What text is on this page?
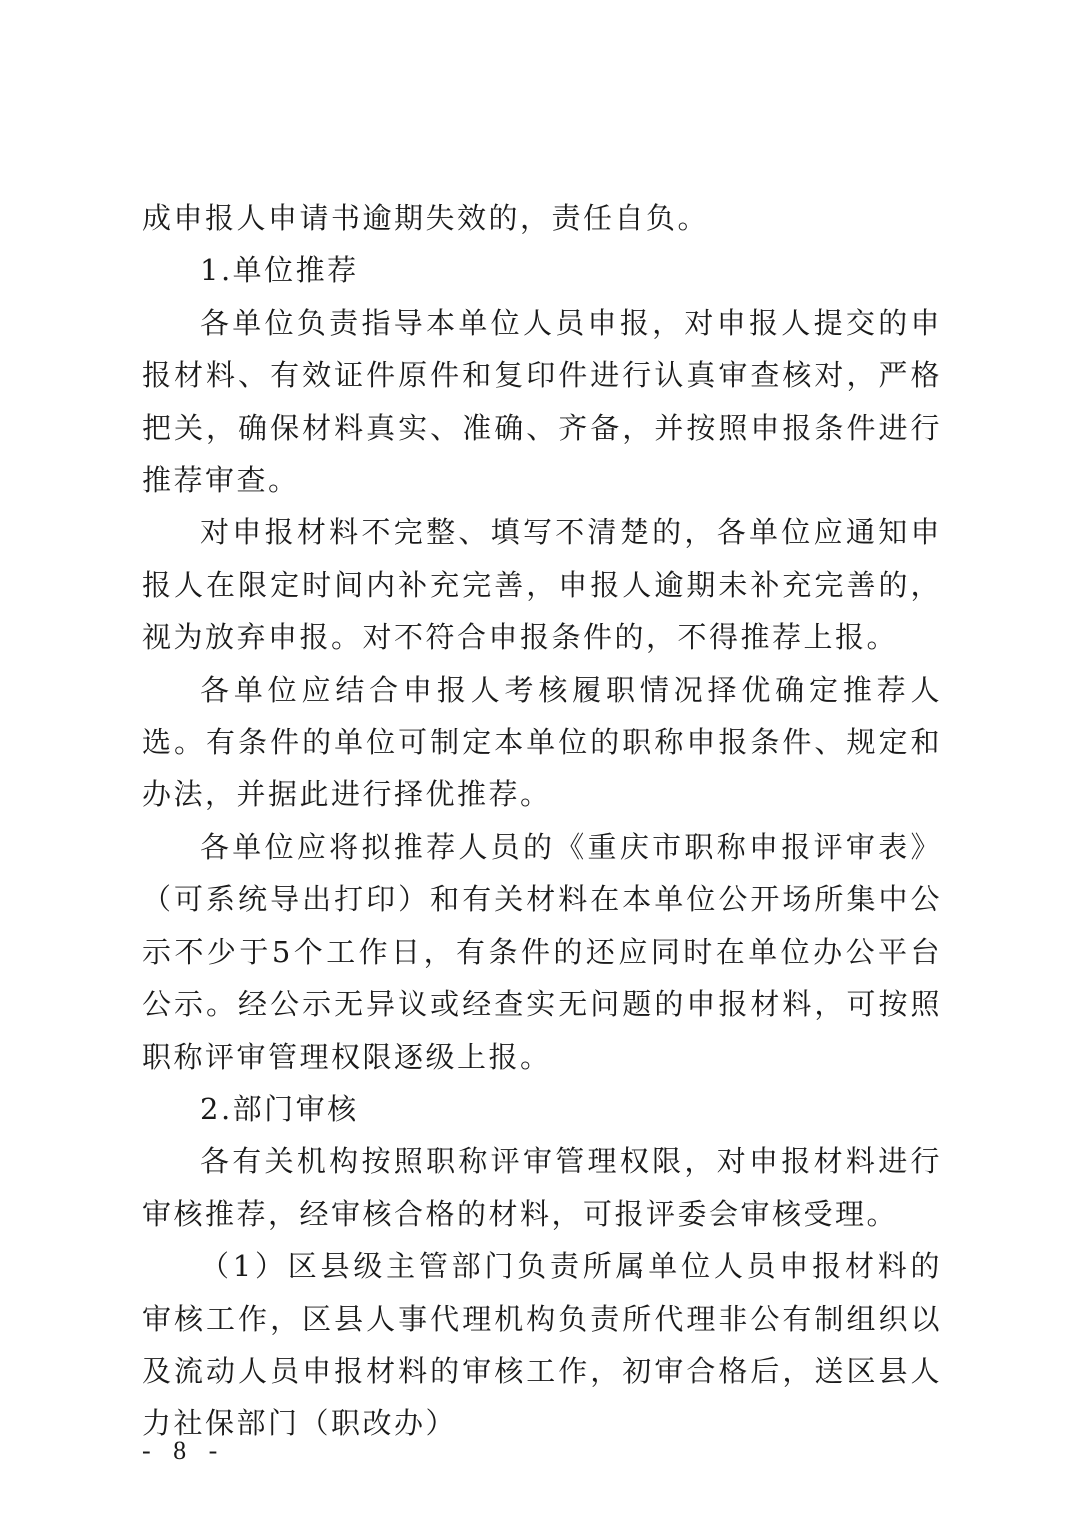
成申报人申请书逾期失效的，责任自负。

1.单位推荐

各单位负责指导本单位人员申报，对申报人提交的申报材料、有效证件原件和复印件进行认真审查核对，严格把关，确保材料真实、准确、齐备，并按照申报条件进行推荐审查。

对申报材料不完整、填写不清楚的，各单位应通知申报人在限定时间内补充完善，申报人逾期未补充完善的，视为放弃申报。对不符合申报条件的，不得推荐上报。

各单位应结合申报人考核履职情况择优确定推荐人选。有条件的单位可制定本单位的职称申报条件、规定和办法，并据此进行择优推荐。

各单位应将拟推荐人员的《重庆市职称申报评审表》（可系统导出打印）和有关材料在本单位公开场所集中公示不少于5个工作日，有条件的还应同时在单位办公平台公示。经公示无异议或经查实无问题的申报材料，可按照职称评审管理权限逐级上报。

2.部门审核

各有关机构按照职称评审管理权限，对申报材料进行审核推荐，经审核合格的材料，可报评委会审核受理。

（1）区县级主管部门负责所属单位人员申报材料的审核工作，区县人事代理机构负责所代理非公有制组织以及流动人员申报材料的审核工作，初审合格后，送区县人力社保部门（职改办）

- 8 -
